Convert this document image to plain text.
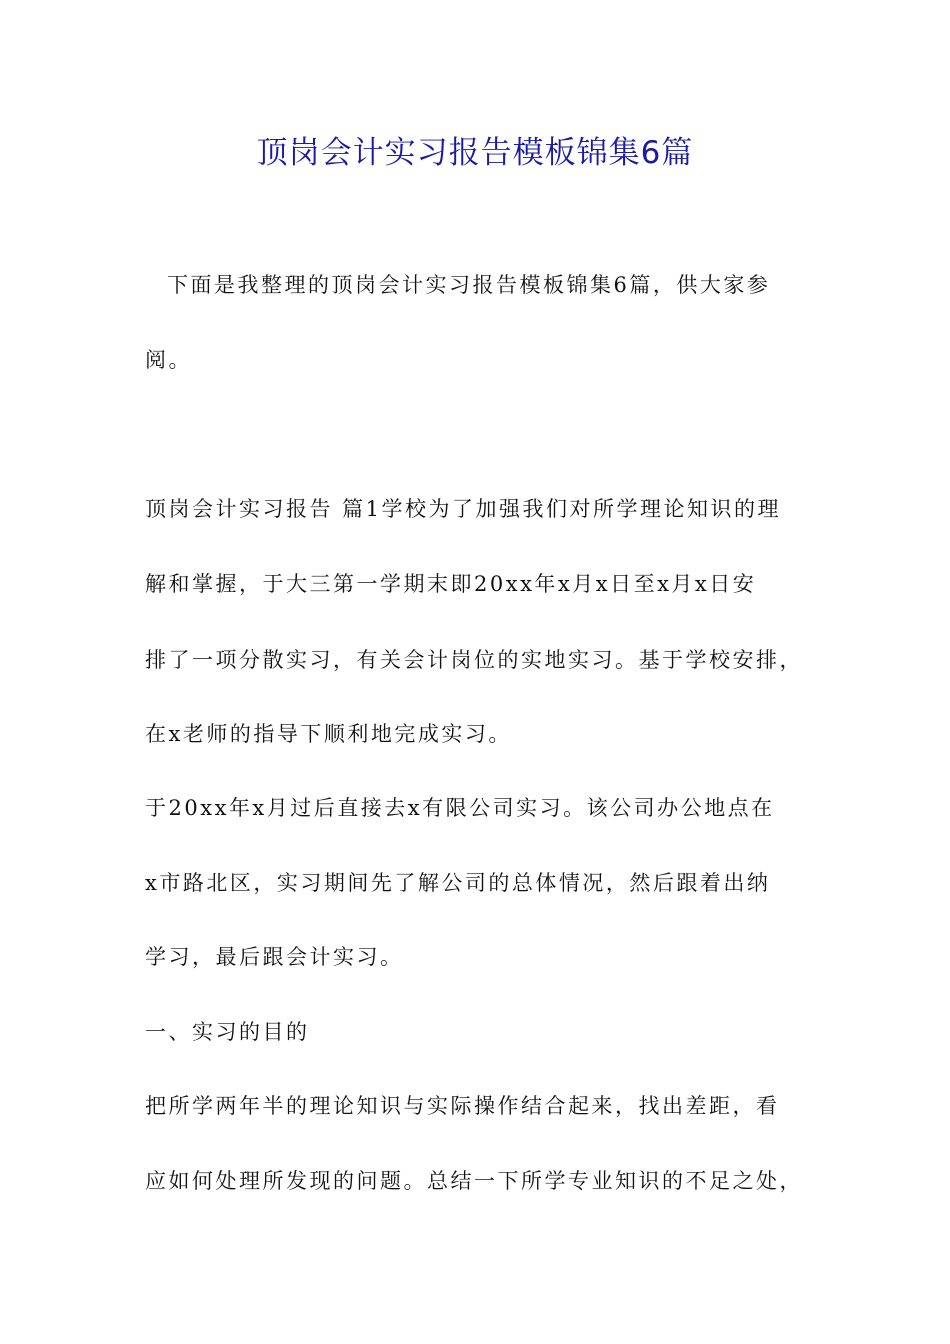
顶岗会计实习报告模板锦集6篇
下面是我整理的顶岗会计实习报告模板锦集6篇，供大家参
阅。
顶岗会计实习报告 篇1学校为了加强我们对所学理论知识的理
解和掌握，于大三第一学期末即20xx年x月x日至x月x日安
排了一项分散实习，有关会计岗位的实地实习。基于学校安排，
在x老师的指导下顺利地完成实习。
于20xx年x月过后直接去x有限公司实习。该公司办公地点在
x市路北区，实习期间先了解公司的总体情况，然后跟着出纳
学习，最后跟会计实习。
一、实习的目的
把所学两年半的理论知识与实际操作结合起来，找出差距，看
应如何处理所发现的问题。总结一下所学专业知识的不足之处，
